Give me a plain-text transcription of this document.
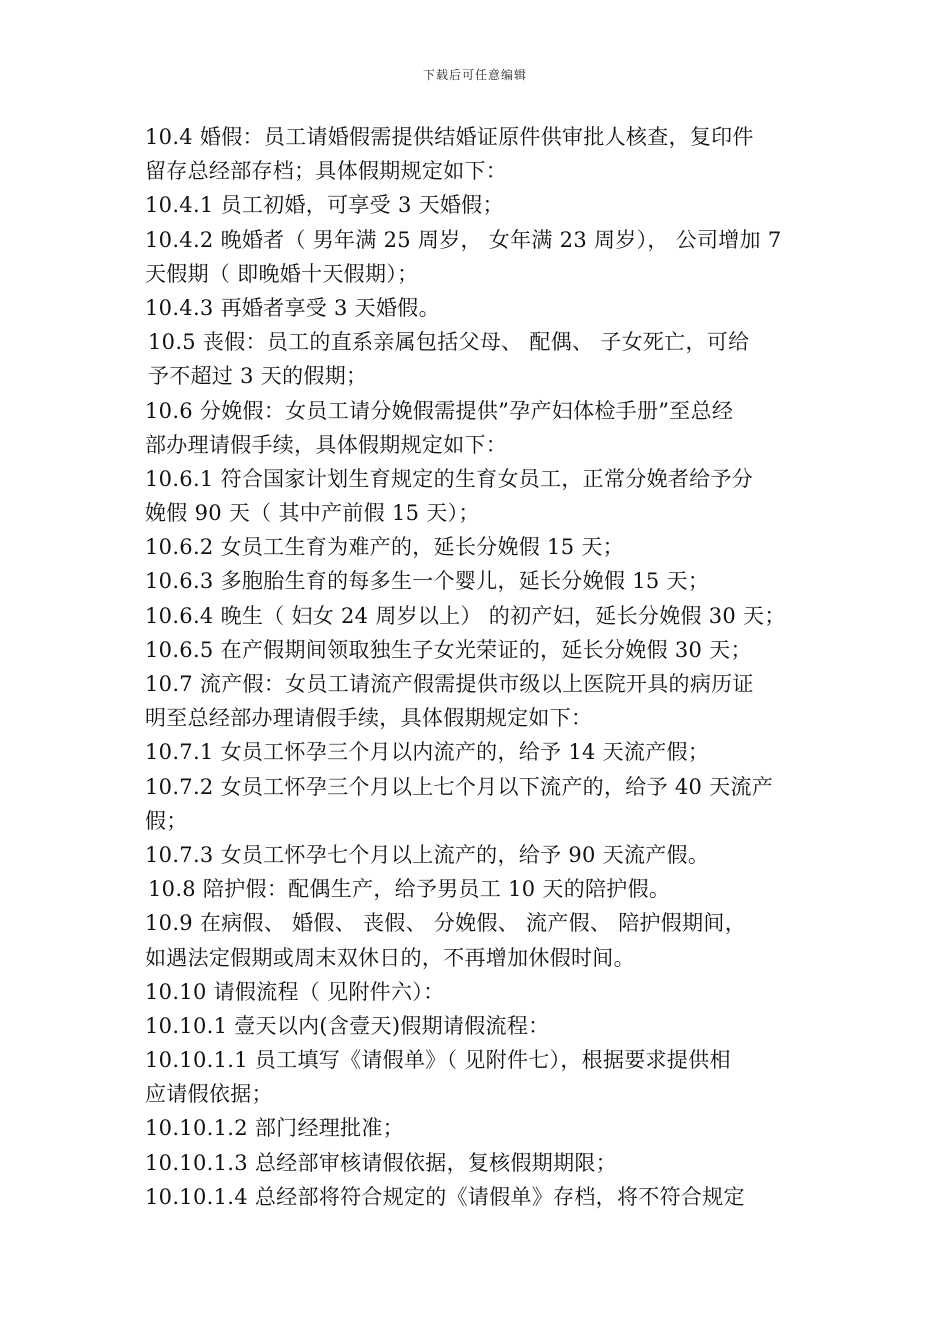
下载后可任意编辑
10.4 婚假：员工请婚假需提供结婚证原件供审批人核查，复印件
留存总经部存档；具体假期规定如下：
10.4.1 员工初婚，可享受 3 天婚假；
10.4.2 晚婚者（ 男年满 25 周岁， 女年满 23 周岁）， 公司增加 7
天假期（ 即晚婚十天假期）；
10.4.3 再婚者享受 3 天婚假。
10.5 丧假：员工的直系亲属包括父母、 配偶、 子女死亡，可给
予不超过 3 天的假期；
10.6 分娩假：女员工请分娩假需提供”孕产妇体检手册”至总经
部办理请假手续，具体假期规定如下：
10.6.1 符合国家计划生育规定的生育女员工，正常分娩者给予分
娩假 90 天（ 其中产前假 15 天）；
10.6.2 女员工生育为难产的，延长分娩假 15 天；
10.6.3 多胞胎生育的每多生一个婴儿，延长分娩假 15 天；
10.6.4 晚生（ 妇女 24 周岁以上） 的初产妇，延长分娩假 30 天；
10.6.5 在产假期间领取独生子女光荣证的，延长分娩假 30 天；
10.7 流产假：女员工请流产假需提供市级以上医院开具的病历证
明至总经部办理请假手续，具体假期规定如下：
10.7.1 女员工怀孕三个月以内流产的，给予 14 天流产假；
10.7.2 女员工怀孕三个月以上七个月以下流产的，给予 40 天流产
假；
10.7.3 女员工怀孕七个月以上流产的，给予 90 天流产假。
10.8 陪护假：配偶生产，给予男员工 10 天的陪护假。
10.9 在病假、 婚假、 丧假、 分娩假、 流产假、 陪护假期间，
如遇法定假期或周末双休日的，不再增加休假时间。
10.10 请假流程（ 见附件六）：
10.10.1 壹天以内(含壹天)假期请假流程：
10.10.1.1 员工填写《请假单》（ 见附件七），根据要求提供相
应请假依据；
10.10.1.2 部门经理批准；
10.10.1.3 总经部审核请假依据，复核假期期限；
10.10.1.4 总经部将符合规定的《请假单》存档，将不符合规定
